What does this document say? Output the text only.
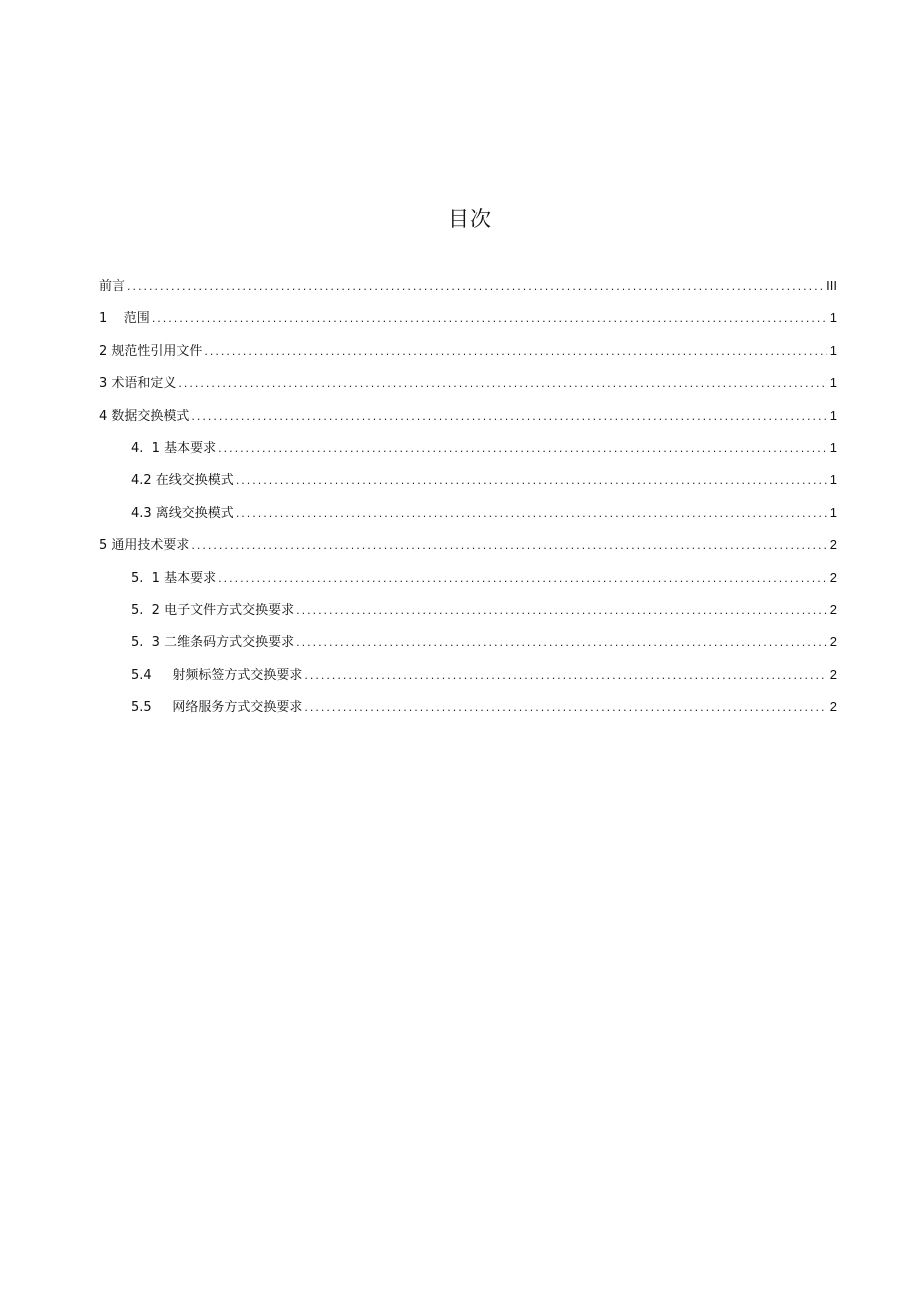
目次
前言 .....	III
1    范围 .....	1
2 规范性引用文件 .....	1
3 术语和定义 .....	1
4 数据交换模式 .....	1
4.  1 基本要求 .....	1
4.2 在线交换模式 .....	1
4.3 离线交换模式 .....	1
5 通用技术要求 .....	2
5.  1 基本要求 .....	2
5.  2 电子文件方式交换要求 .....	2
5.  3 二维条码方式交换要求 .....	2
5.4     射频标签方式交换要求 .....	2
5.5     网络服务方式交换要求 .....	2
